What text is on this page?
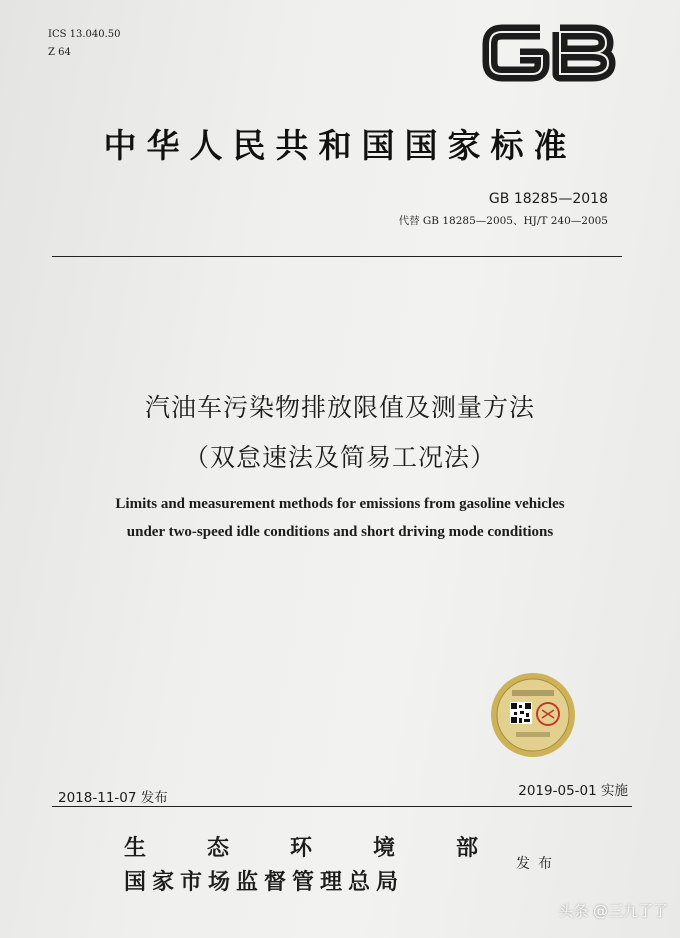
ICS 13.040.50
Z 64
中华人民共和国国家标准
GB 18285—2018
代替 GB 18285—2005、HJ/T 240—2005
汽油车污染物排放限值及测量方法
（双怠速法及简易工况法）
Limits and measurement methods for emissions from gasoline vehicles
under two-speed idle conditions and short driving mode conditions
2018-11-07 发布	2019-05-01 实施
生态环境部
国家市场监督管理总局
发布
头条 @三九了了
